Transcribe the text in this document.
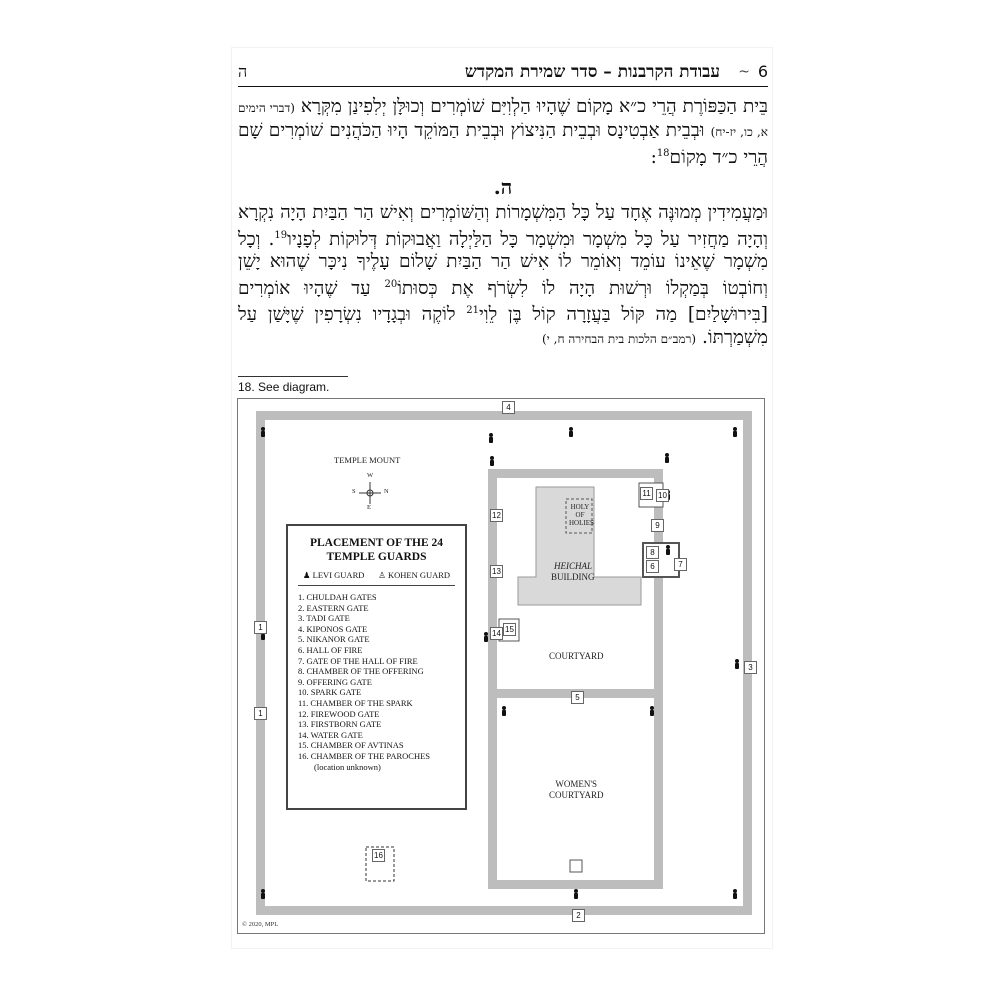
ה	עבודת הקרבנות – סדר שמירת המקדש ~ 6

בֵּית הַכַּפּוֹרֶת הֲרֵי כ״א מָקוֹם שֶׁהָיוּ הַלְוִיִּם שׁוֹמְרִים וְכוּלָּן יְלִפִינַן מִקְּרָא (דברי הימים א, כו, יז-יח) וּבְבֵית אַבְטִינָס וּבְבֵית הַנִּיצוֹץ וּבְבֵית הַמּוֹקֵד הָיוּ הַכֹּהֲנִים שׁוֹמְרִים שָׁם הֲרֵי כ״ד מָקוֹם$^{18}$:

ה.

וּמַעֲמִידִין מְמוּנֶּה אֶחָד עַל כָּל הַמִּשְׁמָרוֹת וְהַשּׁוֹמְרִים וְאִישׁ הַר הַבַּיִת הָיָה נִקְרָא וְהָיָה מַחֲזִיר עַל כָּל מִשְׁמָר וּמִשְׁמָר כָּל הַלַּיְלָה וַאֲבוּקוֹת דְּלוּקוֹת לְפָנָיו$^{19}$. וְכָל מִשְׁמָר שֶׁאֵינוֹ עוֹמֵד וְאוֹמֵר לוֹ אִישׁ הַר הַבַּיִת שָׁלוֹם עָלֶיךָ נִיכָּר שֶׁהוּא יָשֵׁן וְחוֹבְטוֹ בְּמַקְלוֹ וּרְשׁוּת הָיָה לוֹ לִשְׂרֹף אֶת כְּסוּתוֹ$^{20}$ עַד שֶׁהָיוּ אוֹמְרִים [בִּירוּשָׁלַיִם] מַה קּוֹל בַּעֲזָרָה קוֹל בֶּן לֵוִי$^{21}$ לוֹקֶה וּבְגָדָיו נִשְׂרָפִין שֶׁיָּשַׁן עַל מִשְׁמַרְתּוֹ. (רמב״ם הלכות בית הבחירה ח, י)

18. See diagram.
TEMPLE MOUNT
W
S	N
E	HOLY
OF
HOLIES
HEICHAL
BUILDING
COURTYARD
WOMEN'S
COURTYARD
PLACEMENT OF THE 24
TEMPLE GUARDS
♟ LEVI GUARD ♙ KOHEN GUARD
1. CHULDAH GATES
2. EASTERN GATE
3. TADI GATE
4. KIPONOS GATE
5. NIKANOR GATE
6. HALL OF FIRE
7. GATE OF THE HALL OF FIRE
8. CHAMBER OF THE OFFERING
9. OFFERING GATE
10. SPARK GATE
11. CHAMBER OF THE SPARK
12. FIREWOOD GATE
13. FIRSTBORN GATE
14. WATER GATE
15. CHAMBER OF AVTINAS
16. CHAMBER OF THE PAROCHES
(location unknown)
© 2020, MPL
1
1
2
3
4
5
6	7
8
9
10
11
12
13
14 15
16
